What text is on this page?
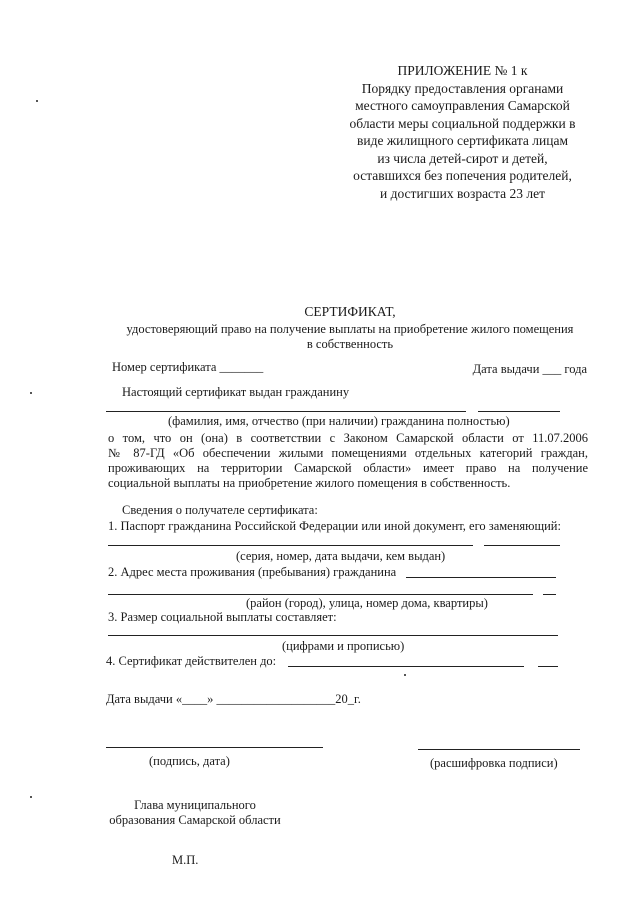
ПРИЛОЖЕНИЕ № 1 к
Порядку предоставления органами
местного самоуправления Самарской
области меры социальной поддержки в
виде жилищного сертификата лицам
из числа детей-сирот и детей,
оставшихся без попечения родителей,
и достигших возраста 23 лет
СЕРТИФИКАТ,
удостоверяющий право на получение выплаты на приобретение жилого помещения
в собственность
Номер сертификата _______	Дата выдачи ___ года
Настоящий сертификат выдан гражданину
(фамилия, имя, отчество (при наличии) гражданина полностью)
о том, что он (она) в соответствии с Законом Самарской области от 11.07.2006
№ 87-ГД «Об обеспечении жилыми помещениями отдельных категорий граждан,
проживающих на территории Самарской области» имеет право на получение
социальной выплаты на приобретение жилого помещения в собственность.
Сведения о получателе сертификата:
1. Паспорт гражданина Российской Федерации или иной документ, его заменяющий:
(серия, номер, дата выдачи, кем выдан)
2. Адрес места проживания (пребывания) гражданина
(район (город), улица, номер дома, квартиры)
3. Размер социальной выплаты составляет:
(цифрами и прописью)
4. Сертификат действителен до:
Дата выдачи «____» ___________________20_г.
(подпись, дата)	(расшифровка подписи)
Глава муниципального
образования Самарской области
М.П.
